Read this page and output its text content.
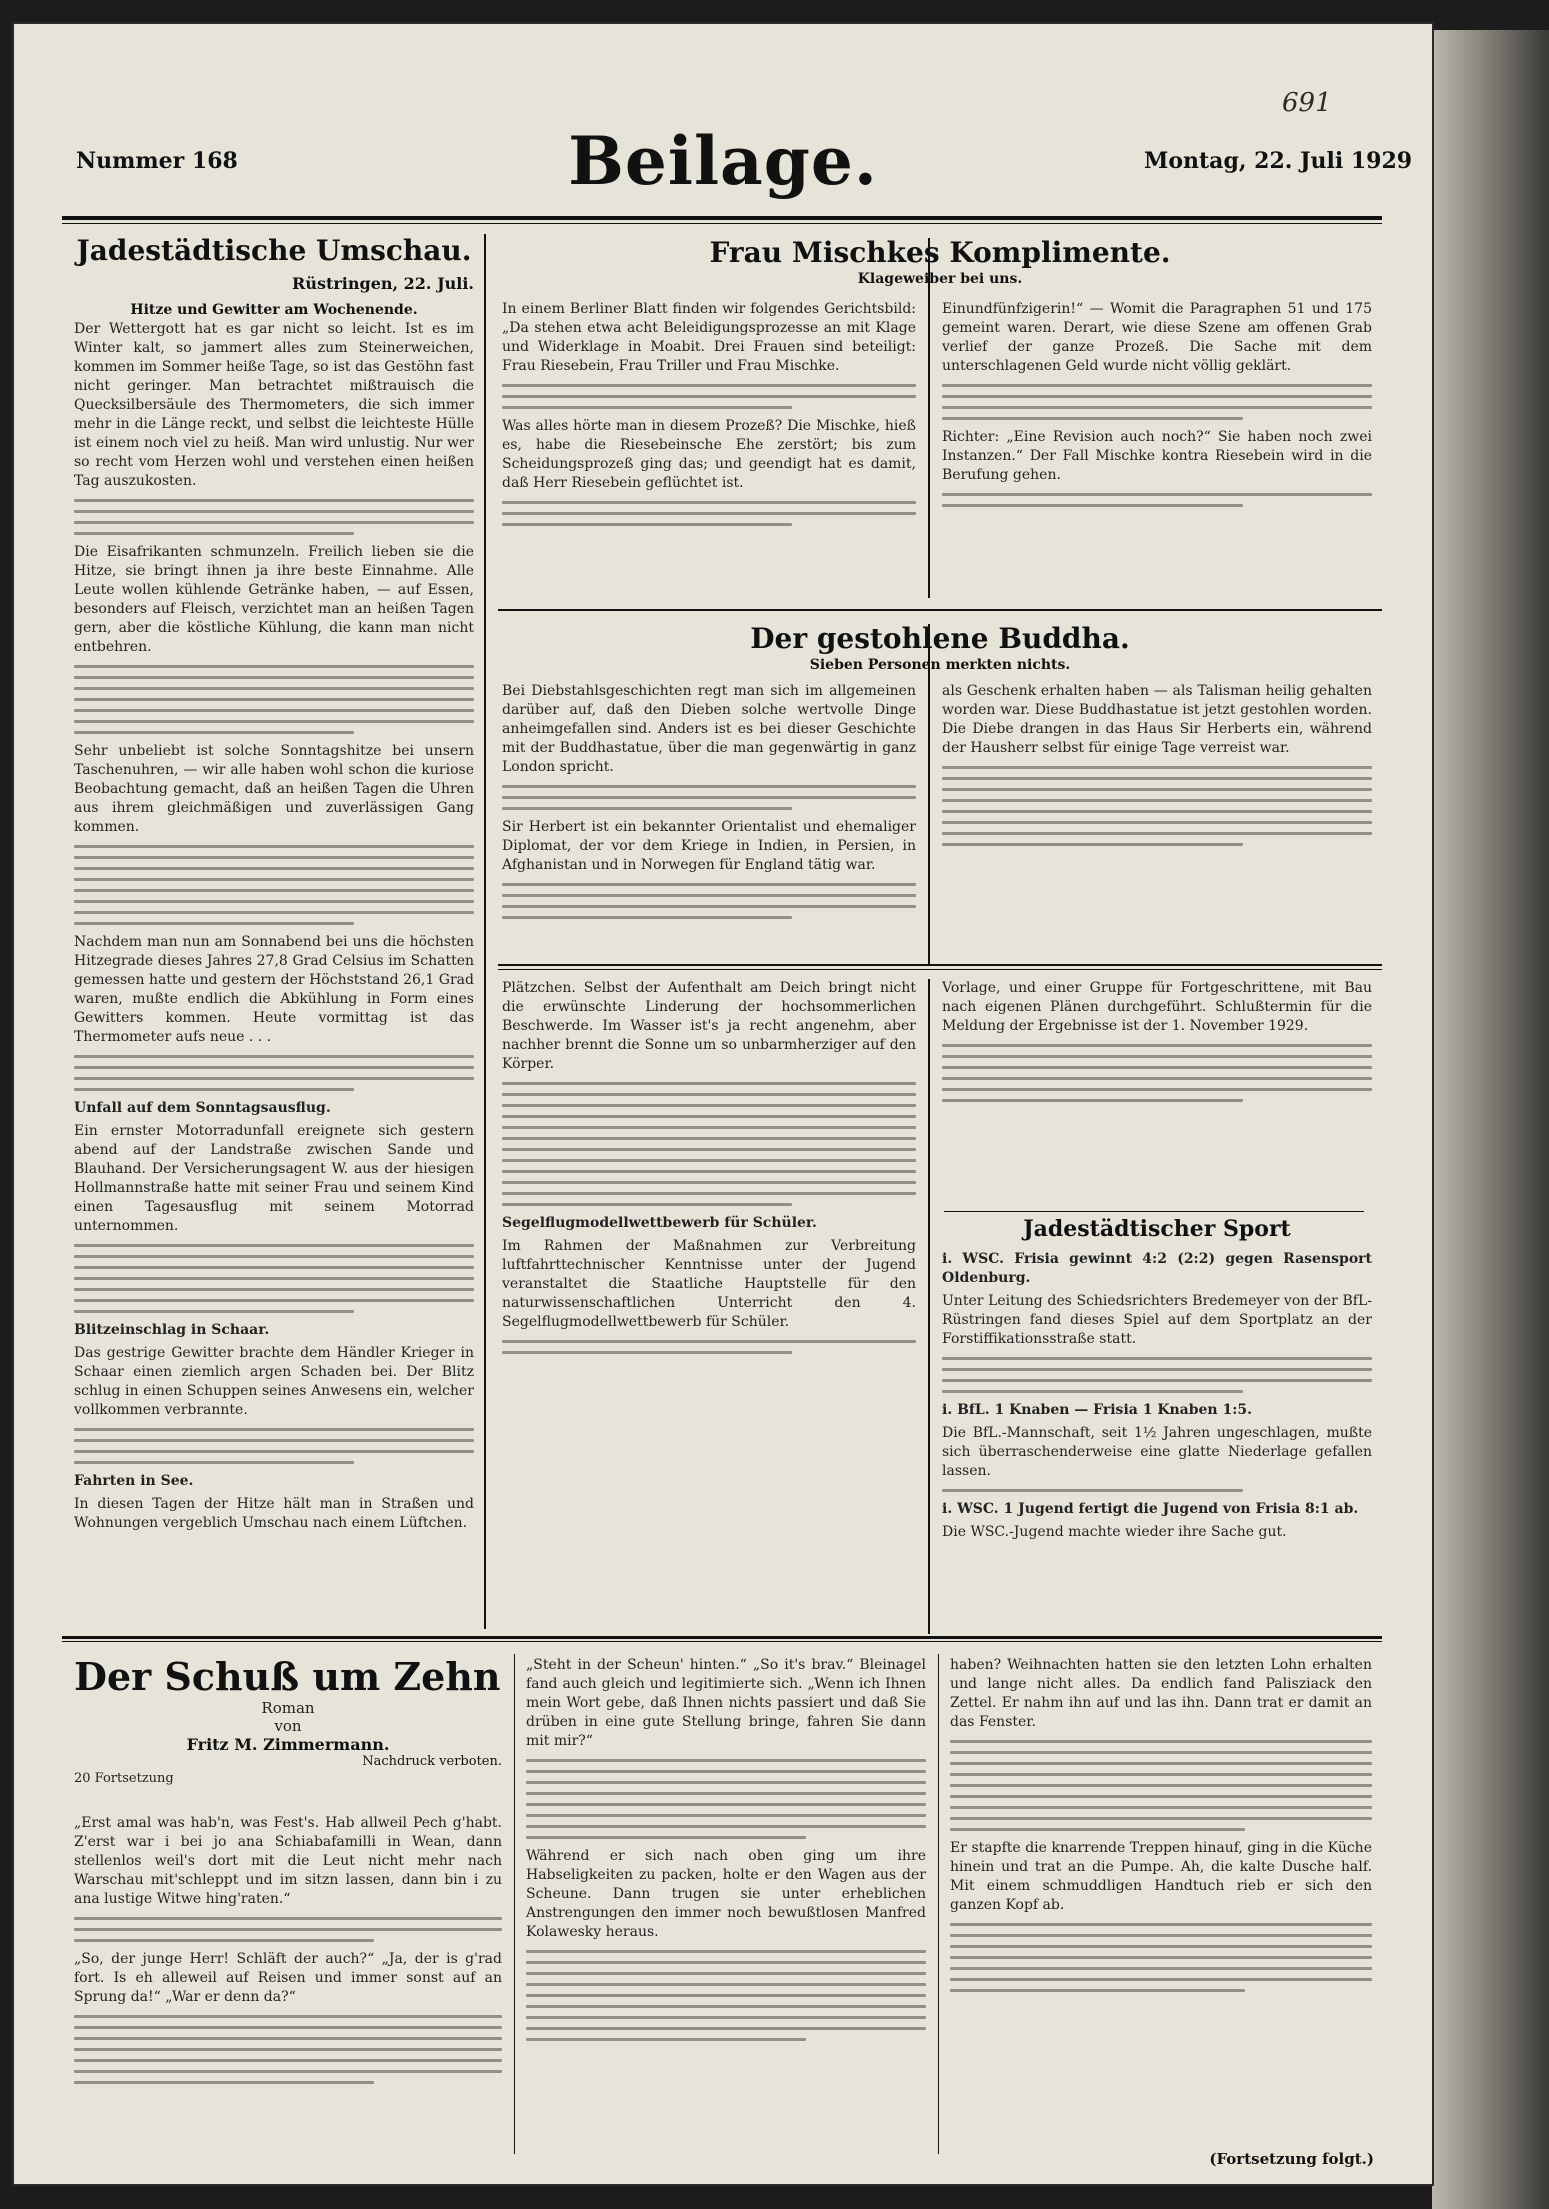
Nummer 168	Beilage.	Montag, 22. Juli 1929
691
Jadestädtische Umschau.
Rüstringen, 22. Juli.
Hitze und Gewitter am Wochenende.

Der Wettergott hat es gar nicht so leicht. Ist es im Winter kalt, so jammert alles zum Steinerweichen, kommen im Sommer heiße Tage, so ist das Gestöhn fast nicht geringer. Man betrachtet mißtrauisch die Quecksilbersäule des Thermometers, die sich immer mehr in die Länge reckt, und selbst die leichteste Hülle ist einem noch viel zu heiß. Man wird unlustig. Nur wer so recht vom Herzen wohl und verstehen einen heißen Tag auszukosten.

Die Eisafrikanten schmunzeln. Freilich lieben sie die Hitze, sie bringt ihnen ja ihre beste Einnahme. Alle Leute wollen kühlende Getränke haben, — auf Essen, besonders auf Fleisch, verzichtet man an heißen Tagen gern, aber die köstliche Kühlung, die kann man nicht entbehren.

Sehr unbeliebt ist solche Sonntagshitze bei unsern Taschenuhren, — wir alle haben wohl schon die kuriose Beobachtung gemacht, daß an heißen Tagen die Uhren aus ihrem gleichmäßigen und zuverlässigen Gang kommen.

Nachdem man nun am Sonnabend bei uns die höchsten Hitzegrade dieses Jahres 27,8 Grad Celsius im Schatten gemessen hatte und gestern der Höchststand 26,1 Grad waren, mußte endlich die Abkühlung in Form eines Gewitters kommen. Heute vormittag ist das Thermometer aufs neue . . .

Unfall auf dem Sonntagsausflug.

Ein ernster Motorradunfall ereignete sich gestern abend auf der Landstraße zwischen Sande und Blauhand. Der Versicherungsagent W. aus der hiesigen Hollmannstraße hatte mit seiner Frau und seinem Kind einen Tagesausflug mit seinem Motorrad unternommen.

Blitzeinschlag in Schaar.

Das gestrige Gewitter brachte dem Händler Krieger in Schaar einen ziemlich argen Schaden bei. Der Blitz schlug in einen Schuppen seines Anwesens ein, welcher vollkommen verbrannte.

Fahrten in See.

In diesen Tagen der Hitze hält man in Straßen und Wohnungen vergeblich Umschau nach einem Lüftchen.

Frau Mischkes Komplimente.
Klageweiber bei uns.

In einem Berliner Blatt finden wir folgendes Gerichtsbild: „Da stehen etwa acht Beleidigungsprozesse an mit Klage und Widerklage in Moabit. Drei Frauen sind beteiligt: Frau Riesebein, Frau Triller und Frau Mischke.

Was alles hörte man in diesem Prozeß? Die Mischke, hieß es, habe die Riesebeinsche Ehe zerstört; bis zum Scheidungsprozeß ging das; und geendigt hat es damit, daß Herr Riesebein geflüchtet ist.

Einundfünfzigerin!“ — Womit die Paragraphen 51 und 175 gemeint waren. Derart, wie diese Szene am offenen Grab verlief der ganze Prozeß. Die Sache mit dem unterschlagenen Geld wurde nicht völlig geklärt.

Richter: „Eine Revision auch noch?“ Sie haben noch zwei Instanzen.“ Der Fall Mischke kontra Riesebein wird in die Berufung gehen.

Der gestohlene Buddha.
Sieben Personen merkten nichts.

Bei Diebstahlsgeschichten regt man sich im allgemeinen darüber auf, daß den Dieben solche wertvolle Dinge anheimgefallen sind. Anders ist es bei dieser Geschichte mit der Buddhastatue, über die man gegenwärtig in ganz London spricht.

Sir Herbert ist ein bekannter Orientalist und ehemaliger Diplomat, der vor dem Kriege in Indien, in Persien, in Afghanistan und in Norwegen für England tätig war.

als Geschenk erhalten haben — als Talisman heilig gehalten worden war. Diese Buddhastatue ist jetzt gestohlen worden. Die Diebe drangen in das Haus Sir Herberts ein, während der Hausherr selbst für einige Tage verreist war.

Plätzchen. Selbst der Aufenthalt am Deich bringt nicht die erwünschte Linderung der hochsommerlichen Beschwerde. Im Wasser ist's ja recht angenehm, aber nachher brennt die Sonne um so unbarmherziger auf den Körper.

Segelflugmodellwettbewerb für Schüler.

Im Rahmen der Maßnahmen zur Verbreitung luftfahrttechnischer Kenntnisse unter der Jugend veranstaltet die Staatliche Hauptstelle für den naturwissenschaftlichen Unterricht den 4. Segelflugmodellwettbewerb für Schüler.

Vorlage, und einer Gruppe für Fortgeschrittene, mit Bau nach eigenen Plänen durchgeführt. Schlußtermin für die Meldung der Ergebnisse ist der 1. November 1929.

Jadestädtischer Sport

i. WSC. Frisia gewinnt 4:2 (2:2) gegen Rasensport Oldenburg.

Unter Leitung des Schiedsrichters Bredemeyer von der BfL-Rüstringen fand dieses Spiel auf dem Sportplatz an der Forstiffikationsstraße statt.

i. BfL. 1 Knaben — Frisia 1 Knaben 1:5.

Die BfL.-Mannschaft, seit 1½ Jahren ungeschlagen, mußte sich überraschenderweise eine glatte Niederlage gefallen lassen.

i. WSC. 1 Jugend fertigt die Jugend von Frisia 8:1 ab.

Die WSC.-Jugend machte wieder ihre Sache gut.

Der Schuß um Zehn
Roman
von
Fritz M. Zimmermann.
Nachdruck verboten.
20 Fortsetzung

„Erst amal was hab'n, was Fest's. Hab allweil Pech g'habt. Z'erst war i bei jo ana Schiabafamilli in Wean, dann stellenlos weil's dort mit die Leut nicht mehr nach Warschau mit'schleppt und im sitzn lassen, dann bin i zu ana lustige Witwe hing'raten.“

„So, der junge Herr! Schläft der auch?“ „Ja, der is g'rad fort. Is eh alleweil auf Reisen und immer sonst auf an Sprung da!“ „War er denn da?“

„Steht in der Scheun' hinten.“ „So it's brav.“ Bleinagel fand auch gleich und legitimierte sich. „Wenn ich Ihnen mein Wort gebe, daß Ihnen nichts passiert und daß Sie drüben in eine gute Stellung bringe, fahren Sie dann mit mir?“

Während er sich nach oben ging um ihre Habseligkeiten zu packen, holte er den Wagen aus der Scheune. Dann trugen sie unter erheblichen Anstrengungen den immer noch bewußtlosen Manfred Kolawesky heraus.

haben? Weihnachten hatten sie den letzten Lohn erhalten und lange nicht alles. Da endlich fand Palisziack den Zettel. Er nahm ihn auf und las ihn. Dann trat er damit an das Fenster.

Er stapfte die knarrende Treppen hinauf, ging in die Küche hinein und trat an die Pumpe. Ah, die kalte Dusche half. Mit einem schmuddligen Handtuch rieb er sich den ganzen Kopf ab.

(Fortsetzung folgt.)
